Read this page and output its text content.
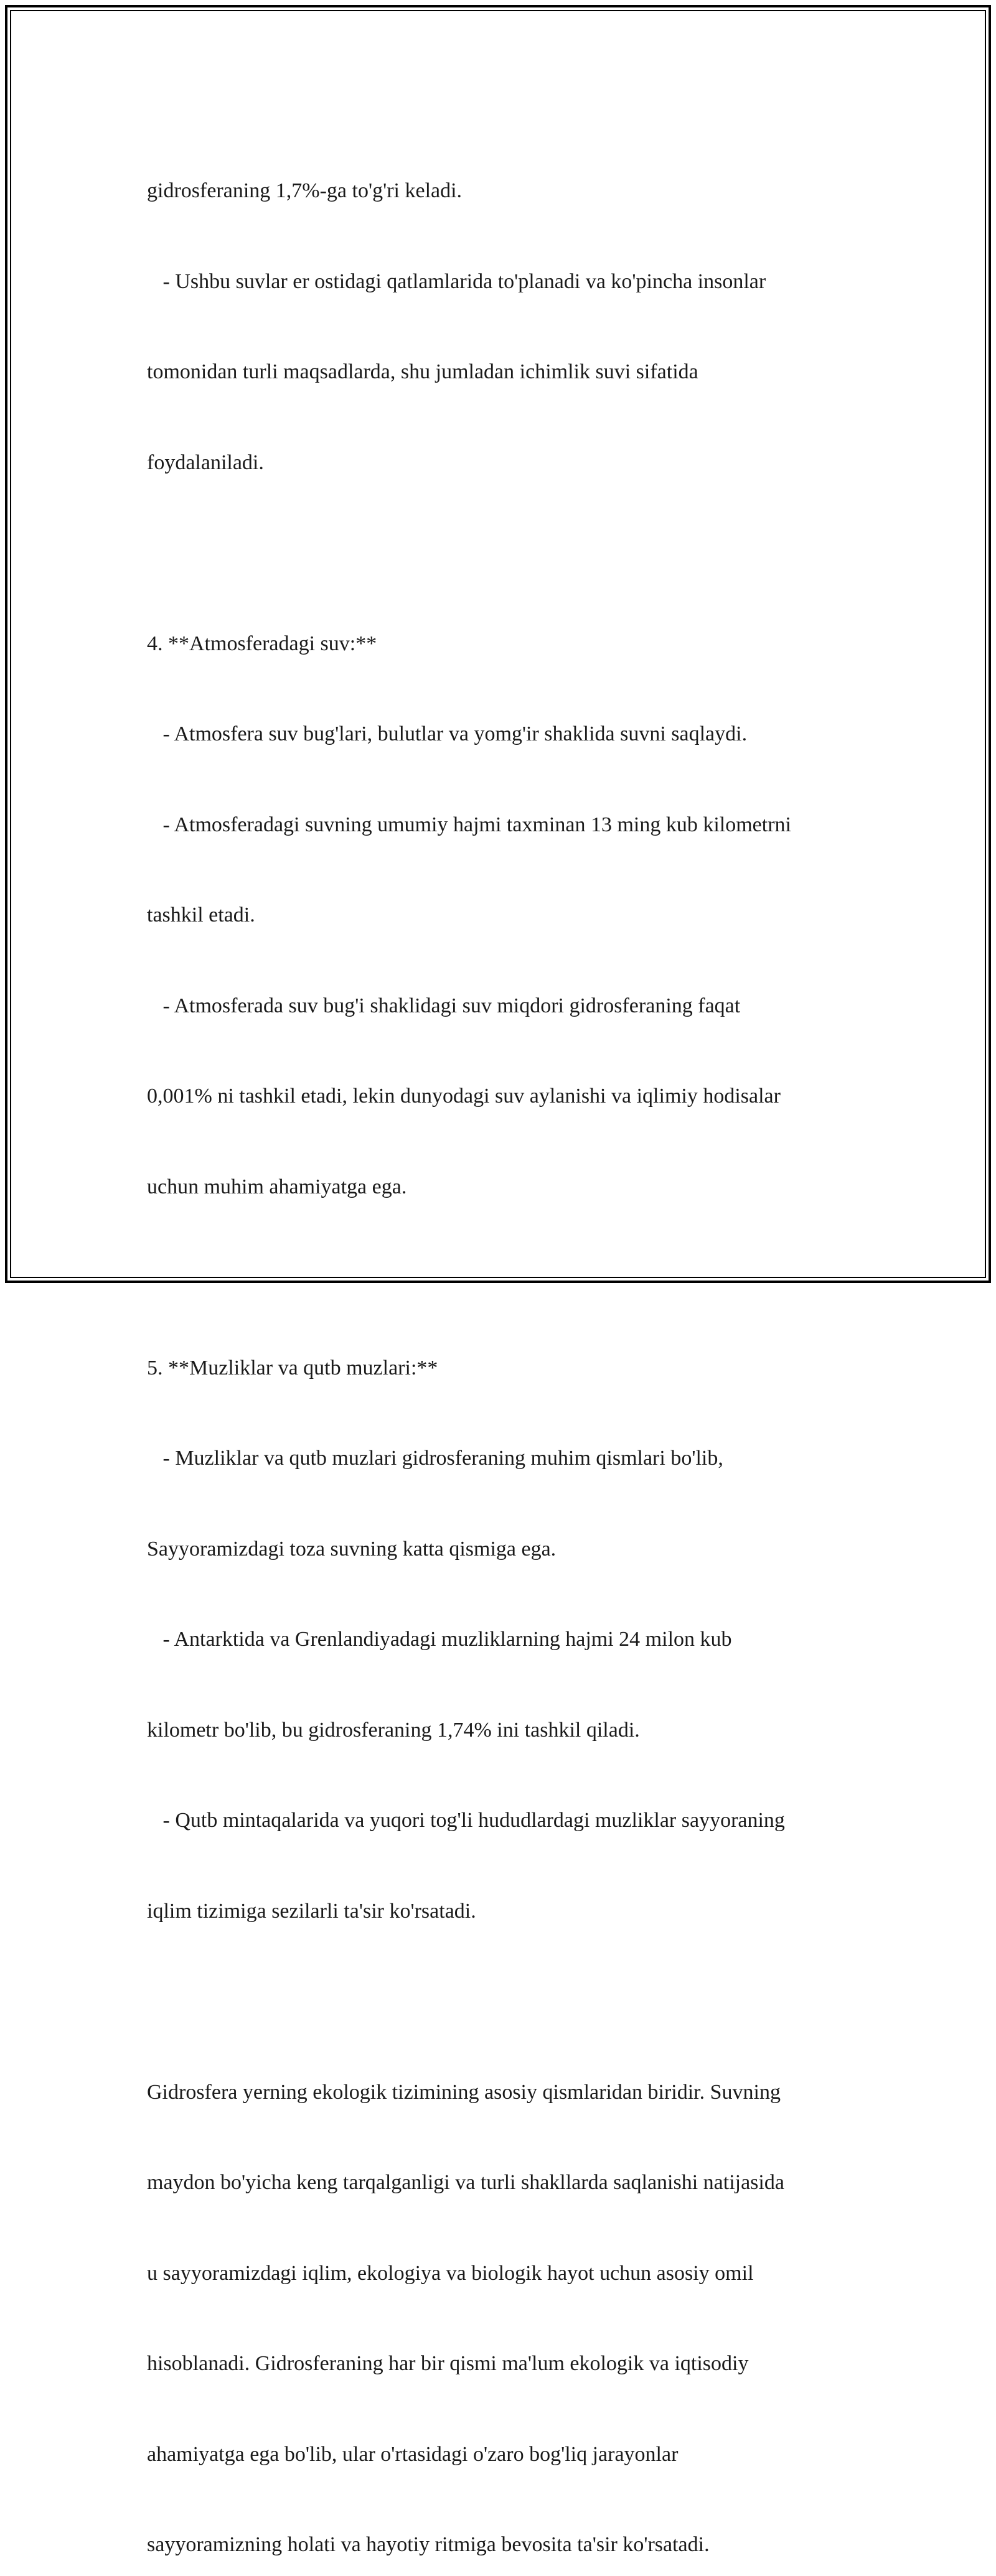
gidrosferaning 1,7%-ga to'g'ri keladi.

- Ushbu suvlar er ostidagi qatlamlarida to'planadi va ko'pincha insonlar

tomonidan turli maqsadlarda, shu jumladan ichimlik suvi sifatida

foydalaniladi.

4. **Atmosferadagi suv:**

- Atmosfera suv bug'lari, bulutlar va yomg'ir shaklida suvni saqlaydi.

- Atmosferadagi suvning umumiy hajmi taxminan 13 ming kub kilometrni

tashkil etadi.

- Atmosferada suv bug'i shaklidagi suv miqdori gidrosferaning faqat

0,001% ni tashkil etadi, lekin dunyodagi suv aylanishi va iqlimiy hodisalar

uchun muhim ahamiyatga ega.

5. **Muzliklar va qutb muzlari:**

- Muzliklar va qutb muzlari gidrosferaning muhim qismlari bo'lib,

Sayyoramizdagi toza suvning katta qismiga ega.

- Antarktida va Grenlandiyadagi muzliklarning hajmi 24 milon kub

kilometr bo'lib, bu gidrosferaning 1,74% ini tashkil qiladi.

- Qutb mintaqalarida va yuqori tog'li hududlardagi muzliklar sayyoraning

iqlim tizimiga sezilarli ta'sir ko'rsatadi.

Gidrosfera yerning ekologik tizimining asosiy qismlaridan biridir. Suvning

maydon bo'yicha keng tarqalganligi va turli shakllarda saqlanishi natijasida

u sayyoramizdagi iqlim, ekologiya va biologik hayot uchun asosiy omil

hisoblanadi. Gidrosferaning har bir qismi ma'lum ekologik va iqtisodiy

ahamiyatga ega bo'lib, ular o'rtasidagi o'zaro bog'liq jarayonlar

sayyoramizning holati va hayotiy ritmiga bevosita ta'sir ko'rsatadi.
